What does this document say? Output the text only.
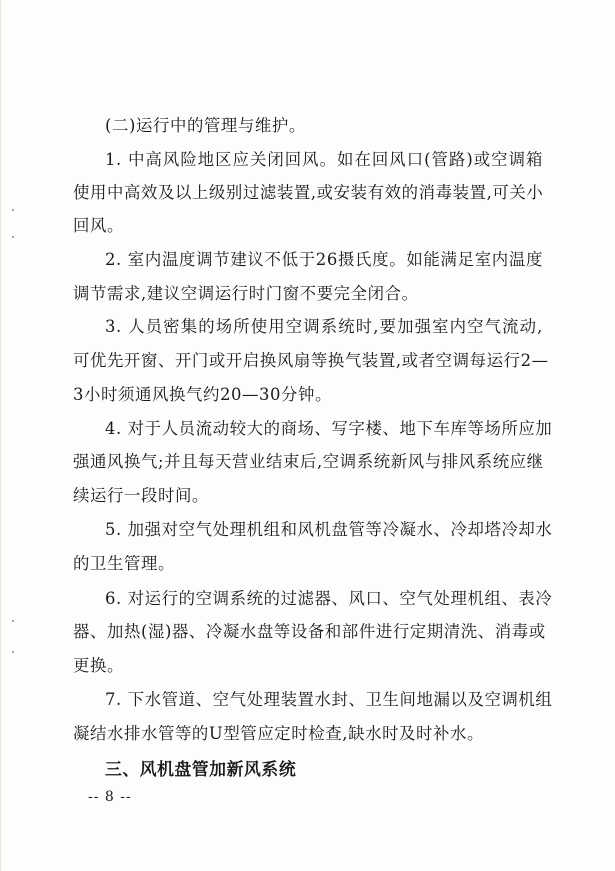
(二)运行中的管理与维护。
1. 中高风险地区应关闭回风。如在回风口(管路)或空调箱
使用中高效及以上级别过滤装置,或安装有效的消毒装置,可关小
回风。
2. 室内温度调节建议不低于26摄氏度。如能满足室内温度
调节需求,建议空调运行时门窗不要完全闭合。
3. 人员密集的场所使用空调系统时,要加强室内空气流动,
可优先开窗、开门或开启换风扇等换气装置,或者空调每运行2—
3小时须通风换气约20—30分钟。
4. 对于人员流动较大的商场、写字楼、地下车库等场所应加
强通风换气;并且每天营业结束后,空调系统新风与排风系统应继
续运行一段时间。
5. 加强对空气处理机组和风机盘管等冷凝水、冷却塔冷却水
的卫生管理。
6. 对运行的空调系统的过滤器、风口、空气处理机组、表冷
器、加热(湿)器、冷凝水盘等设备和部件进行定期清洗、消毒或
更换。
7. 下水管道、空气处理装置水封、卫生间地漏以及空调机组
凝结水排水管等的U型管应定时检查,缺水时及时补水。
三、风机盘管加新风系统
-- 8 --
